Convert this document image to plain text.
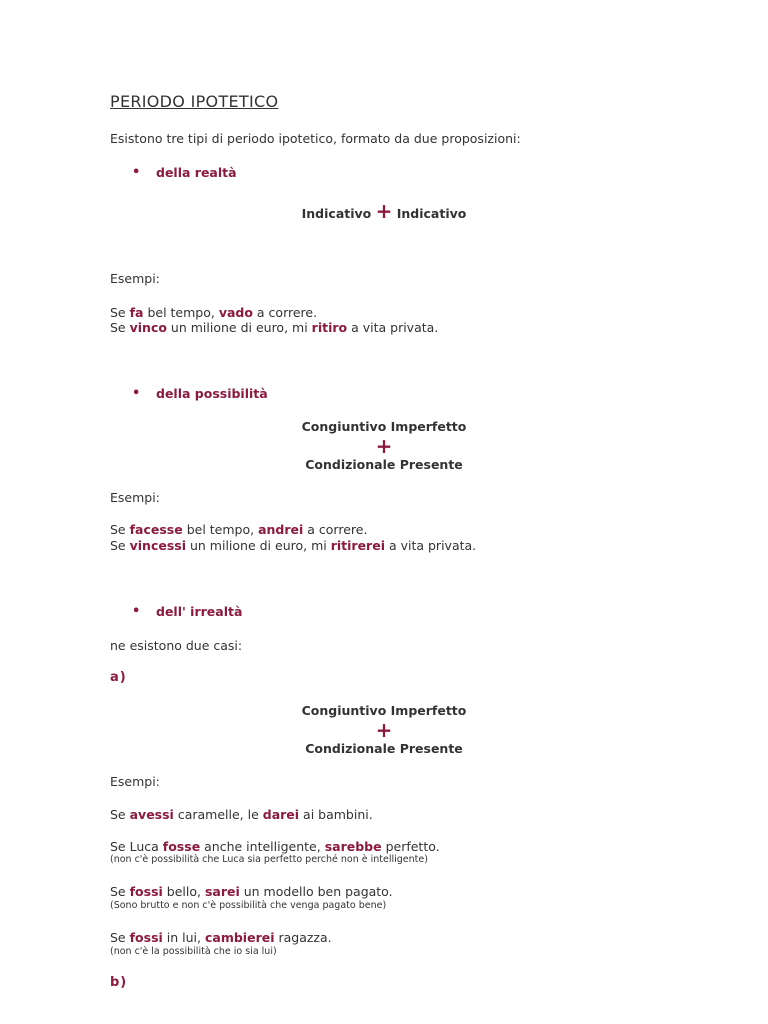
PERIODO IPOTETICO
Esistono tre tipi di periodo ipotetico, formato da due proposizioni:
• della realtà
Indicativo + Indicativo
Esempi:
Se fa bel tempo, vado a correre.
Se vinco un milione di euro, mi ritiro a vita privata.
• della possibilità
Congiuntivo Imperfetto
+
Condizionale Presente
Esempi:
Se facesse bel tempo, andrei a correre.
Se vincessi un milione di euro, mi ritirerei a vita privata.
• dell' irrealtà
ne esistono due casi:
a)
Congiuntivo Imperfetto
+
Condizionale Presente
Esempi:
Se avessi caramelle, le darei ai bambini.
Se Luca fosse anche intelligente, sarebbe perfetto.
(non c'è possibilità che Luca sia perfetto perché non è intelligente)
Se fossi bello, sarei un modello ben pagato.
(Sono brutto e non c'è possibilità che venga pagato bene)
Se fossi in lui, cambierei ragazza.
(non c'è la possibilità che io sia lui)
b)
